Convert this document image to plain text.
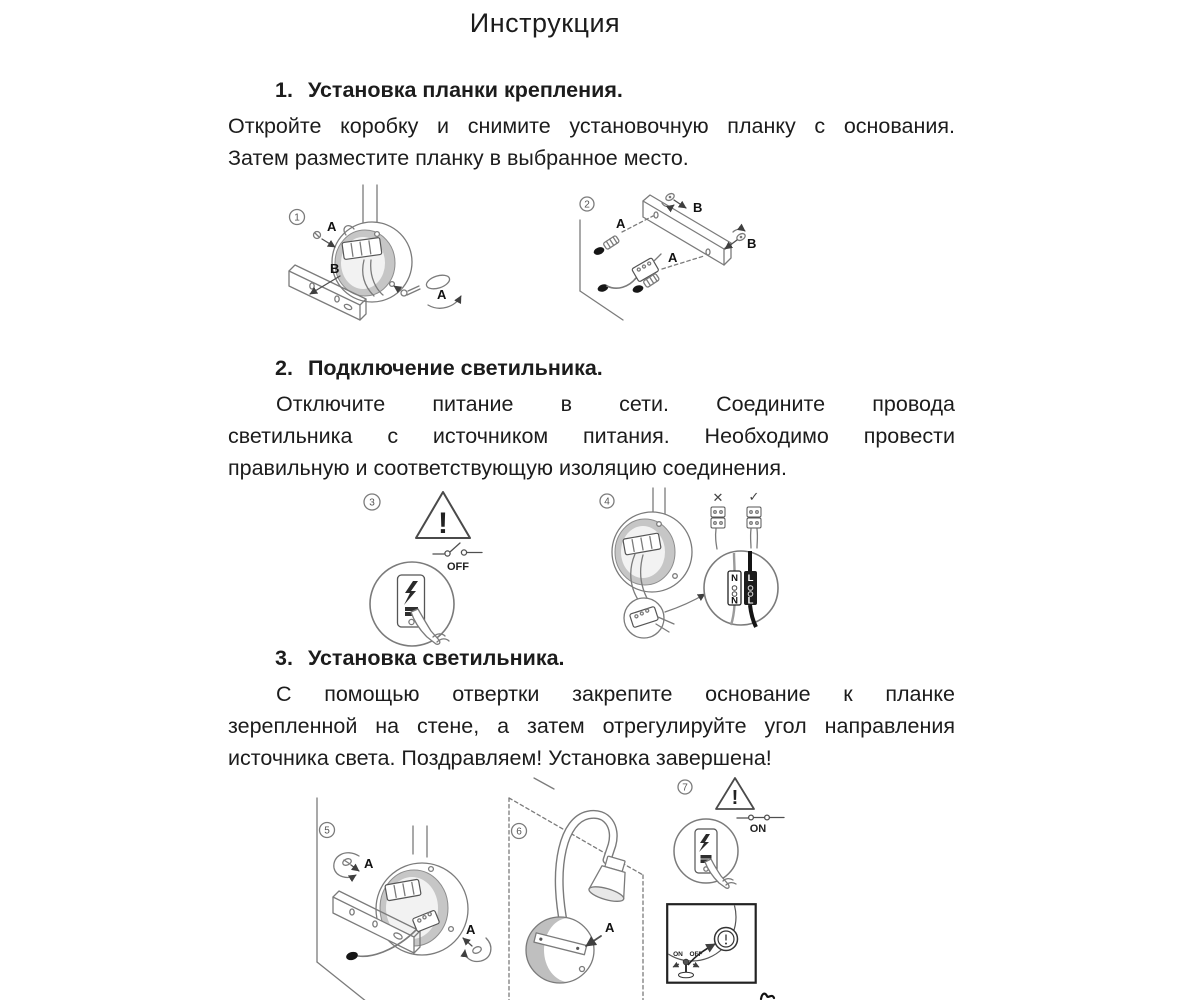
Инструкция
1. Установка планки крепления.
Откройте коробку и снимите установочную планку с основания.
Затем разместите планку в выбранное место.
1
A
B
A
2	B
B
A
A
2. Подключение светильника.
Отключите питание в сети. Соедините провода
светильника с источником питания. Необходимо провести
правильную и соответствующую изоляцию соединения.
3
!
OFF
4	✕ ✓
N
N
L
L
3. Установка светильника.
С помощью отвертки закрепите основание к планке
зерепленной на стене, а затем отрегулируйте угол направления
источника света. Поздравляем! Установка завершена!
5
A
A
6
A
7 !
ON
ON OFF
